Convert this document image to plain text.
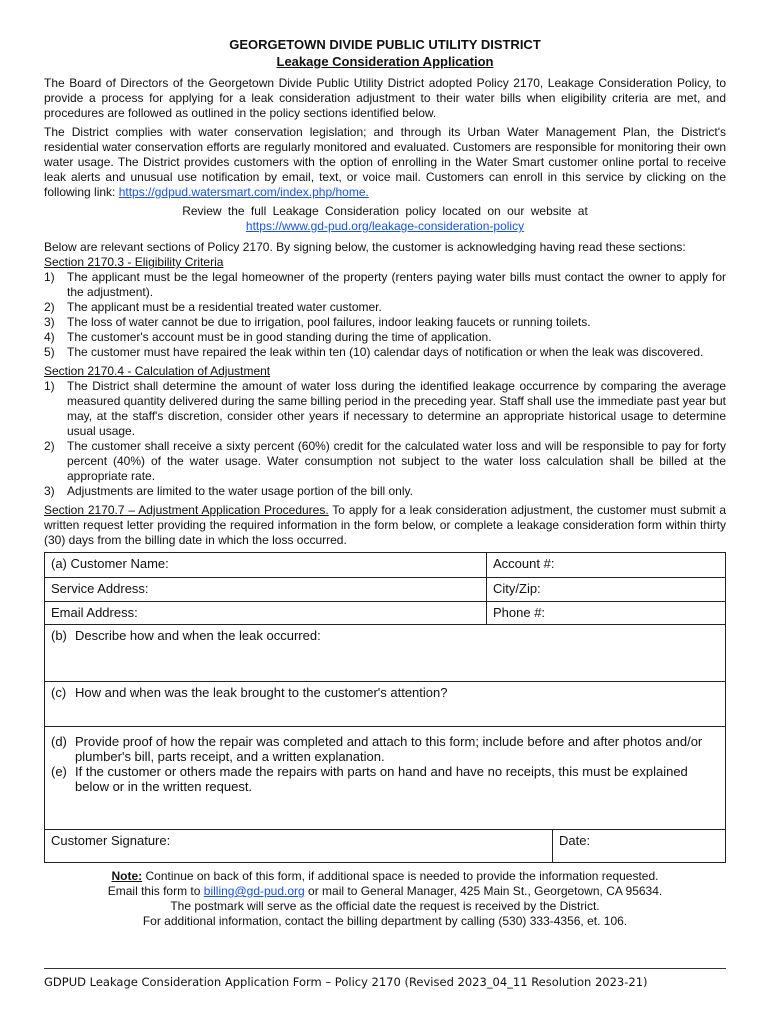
GEORGETOWN DIVIDE PUBLIC UTILITY DISTRICT
Leakage Consideration Application

The Board of Directors of the Georgetown Divide Public Utility District adopted Policy 2170, Leakage Consideration Policy, to provide a process for applying for a leak consideration adjustment to their water bills when eligibility criteria are met, and procedures are followed as outlined in the policy sections identified below.

The District complies with water conservation legislation; and through its Urban Water Management Plan, the District's residential water conservation efforts are regularly monitored and evaluated. Customers are responsible for monitoring their own water usage. The District provides customers with the option of enrolling in the Water Smart customer online portal to receive leak alerts and unusual use notification by email, text, or voice mail. Customers can enroll in this service by clicking on the following link: https://gdpud.watersmart.com/index.php/home.

Review the full Leakage Consideration policy located on our website at

https://www.gd-pud.org/leakage-consideration-policy

Below are relevant sections of Policy 2170. By signing below, the customer is acknowledging having read these sections:

Section 2170.3 - Eligibility Criteria
1) The applicant must be the legal homeowner of the property (renters paying water bills must contact the owner to apply for the adjustment).
2) The applicant must be a residential treated water customer.
3) The loss of water cannot be due to irrigation, pool failures, indoor leaking faucets or running toilets.
4) The customer's account must be in good standing during the time of application.
5) The customer must have repaired the leak within ten (10) calendar days of notification or when the leak was discovered.
Section 2170.4 - Calculation of Adjustment
1) The District shall determine the amount of water loss during the identified leakage occurrence by comparing the average measured quantity delivered during the same billing period in the preceding year. Staff shall use the immediate past year but may, at the staff's discretion, consider other years if necessary to determine an appropriate historical usage to determine usual usage.
2) The customer shall receive a sixty percent (60%) credit for the calculated water loss and will be responsible to pay for forty percent (40%) of the water usage. Water consumption not subject to the water loss calculation shall be billed at the appropriate rate.
3) Adjustments are limited to the water usage portion of the bill only.

Section 2170.7 – Adjustment Application Procedures. To apply for a leak consideration adjustment, the customer must submit a written request letter providing the required information in the form below, or complete a leakage consideration form within thirty (30) days from the billing date in which the loss occurred.

(a) Customer Name:	Account #:
Service Address:	City/Zip:
Email Address:	Phone #:

(b) Describe how and when the leak occurred:	

(c) How and when was the leak brought to the customer's attention?	

(d) Provide proof of how the repair was completed and attach to this form; include before and after photos and/or plumber's bill, parts receipt, and a written explanation.
(e) If the customer or others made the repairs with parts on hand and have no receipts, this must be explained below or in the written request.	

Customer Signature: Date:	

Note: Continue on back of this form, if additional space is needed to provide the information requested.

Email this form to billing@gd-pud.org or mail to General Manager, 425 Main St., Georgetown, CA 95634.

The postmark will serve as the official date the request is received by the District.

For additional information, contact the billing department by calling (530) 333-4356, et. 106.

GDPUD Leakage Consideration Application Form – Policy 2170 (Revised 2023_04_11 Resolution 2023-21)
